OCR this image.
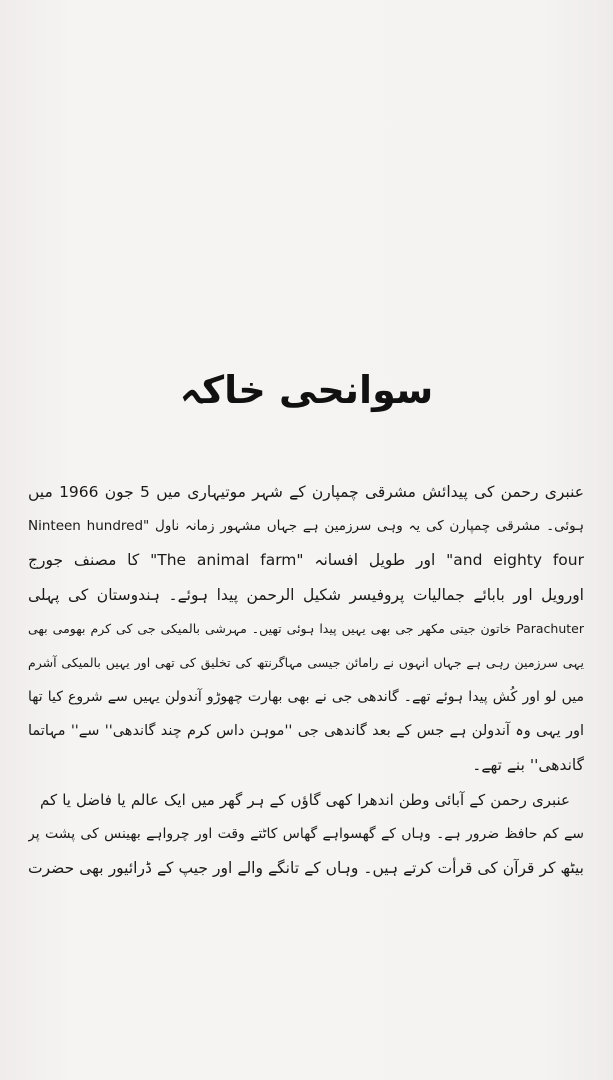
سوانحی خاکہ
عنبری رحمن کی پیدائش مشرقی چمپارن کے شہر موتیہاری میں 5 جون 1966 میں
ہوئی۔ مشرقی چمپارن کی یہ وہی سرزمین ہے جہاں مشہور زمانہ ناول "Ninteen hundred
and eighty four" اور طویل افسانہ "The animal farm" کا مصنف جورج
اورویل اور بابائے جمالیات پروفیسر شکیل الرحمن پیدا ہوئے۔ ہندوستان کی پہلی
Parachuter خاتون جیتی مکھر جی بھی یہیں پیدا ہوئی تھیں۔ مہرشی بالمیکی جی کی کرم بھومی بھی
یہی سرزمین رہی ہے جہاں انہوں نے رامائن جیسی مہاگرنتھ کی تخلیق کی تھی اور یہیں بالمیکی آشرم
میں لو اور کُش پیدا ہوئے تھے۔ گاندھی جی نے بھی بھارت چھوڑو آندولن یہیں سے شروع کیا تھا
اور یہی وہ آندولن ہے جس کے بعد گاندھی جی ''موہن داس کرم چند گاندھی'' سے'' مہاتما
گاندھی'' بنے تھے۔
عنبری رحمن کے آبائی وطن اندھرا کھی گاؤں کے ہر گھر میں ایک عالم یا فاضل یا کم
سے کم حافظ ضرور ہے۔ وہاں کے گھسواہے گھاس کاٹتے وقت اور چرواہے بھینس کی پشت پر
بیٹھ کر قرآن کی قرأت کرتے ہیں۔ وہاں کے تانگے والے اور جیپ کے ڈرائیور بھی حضرت
